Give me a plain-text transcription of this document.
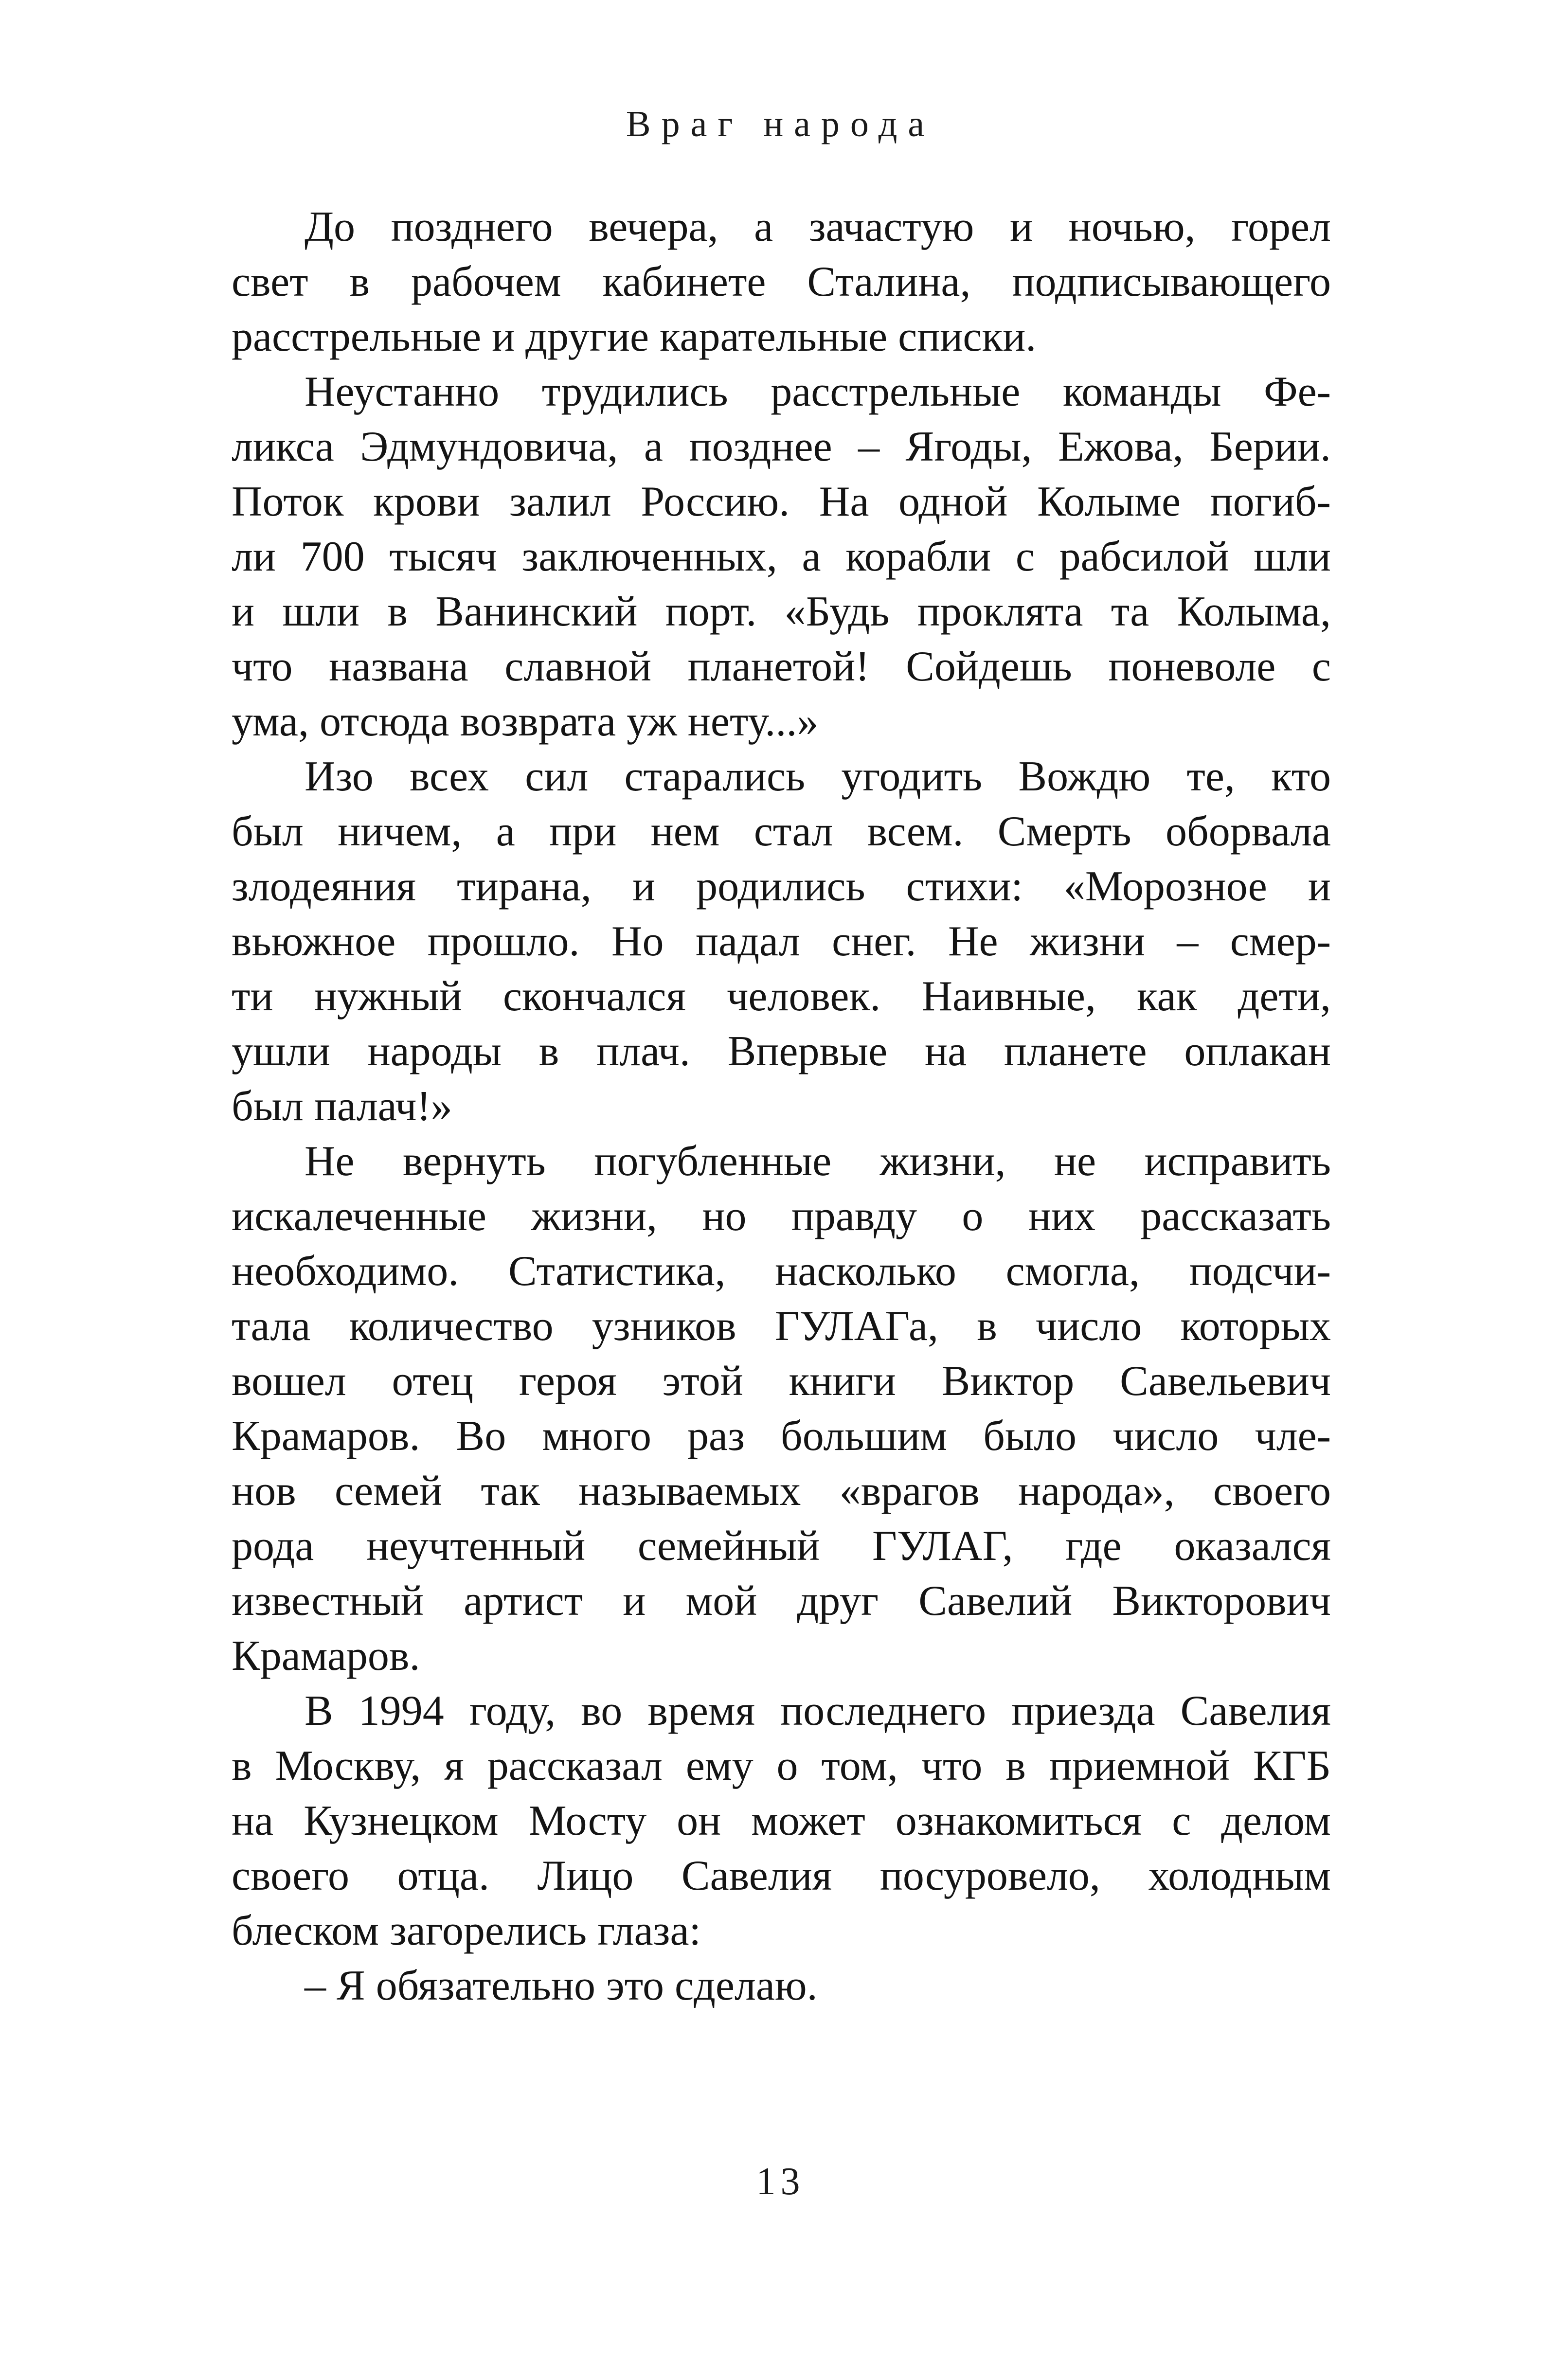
Враг народа
До позднего вечера, а зачастую и ночью, горел
свет в рабочем кабинете Сталина, подписывающего
расстрельные и другие карательные списки.
Неустанно трудились расстрельные команды Фе-
ликса Эдмундовича, а позднее – Ягоды, Ежова, Берии.
Поток крови залил Россию. На одной Колыме погиб-
ли 700 тысяч заключенных, а корабли с рабсилой шли
и шли в Ванинский порт. «Будь проклята та Колыма,
что названа славной планетой! Сойдешь поневоле с
ума, отсюда возврата уж нету...»
Изо всех сил старались угодить Вождю те, кто
был ничем, а при нем стал всем. Смерть оборвала
злодеяния тирана, и родились стихи: «Морозное и
вьюжное прошло. Но падал снег. Не жизни – смер-
ти нужный скончался человек. Наивные, как дети,
ушли народы в плач. Впервые на планете оплакан
был палач!»
Не вернуть погубленные жизни, не исправить
искалеченные жизни, но правду о них рассказать
необходимо. Статистика, насколько смогла, подсчи-
тала количество узников ГУЛАГа, в число которых
вошел отец героя этой книги Виктор Савельевич
Крамаров. Во много раз большим было число чле-
нов семей так называемых «врагов народа», своего
рода неучтенный семейный ГУЛАГ, где оказался
известный артист и мой друг Савелий Викторович
Крамаров.
В 1994 году, во время последнего приезда Савелия
в Москву, я рассказал ему о том, что в приемной КГБ
на Кузнецком Мосту он может ознакомиться с делом
своего отца. Лицо Савелия посуровело, холодным
блеском загорелись глаза:
– Я обязательно это сделаю.
13
